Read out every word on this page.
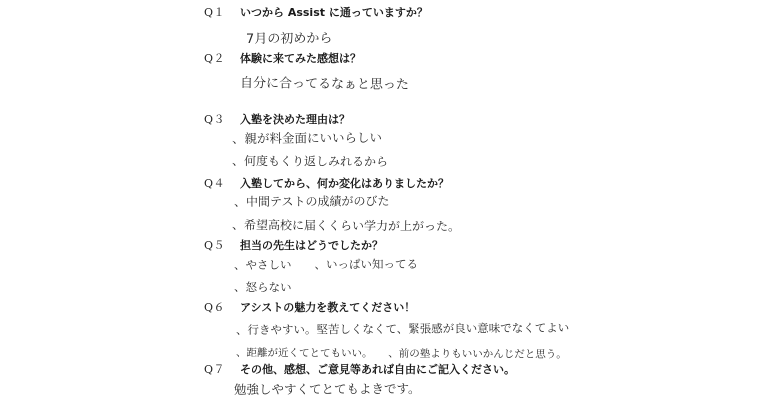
Q１	いつから Assist に通っていますか？
7月の初めから
Q２	体験に来てみた感想は？
自分に合ってるなぁと思った
Q３	入塾を決めた理由は？
、親が料金面にいいらしい
、何度もくり返しみれるから
Q４	入塾してから、何か変化はありましたか？
、中間テストの成績がのびた
、希望高校に届くくらい学力が上がった。
Q５	担当の先生はどうでしたか？
、やさしい　　、いっぱい知ってる
、怒らない
Q６	アシストの魅力を教えてください！
、行きやすい。堅苦しくなくて、緊張感が良い意味でなくてよい
、距離が近くてとてもいい。　　、前の塾よりもいいかんじだと思う。
Q７	その他、感想、ご意見等あれば自由にご記入ください。
勉強しやすくてとてもよきです。
